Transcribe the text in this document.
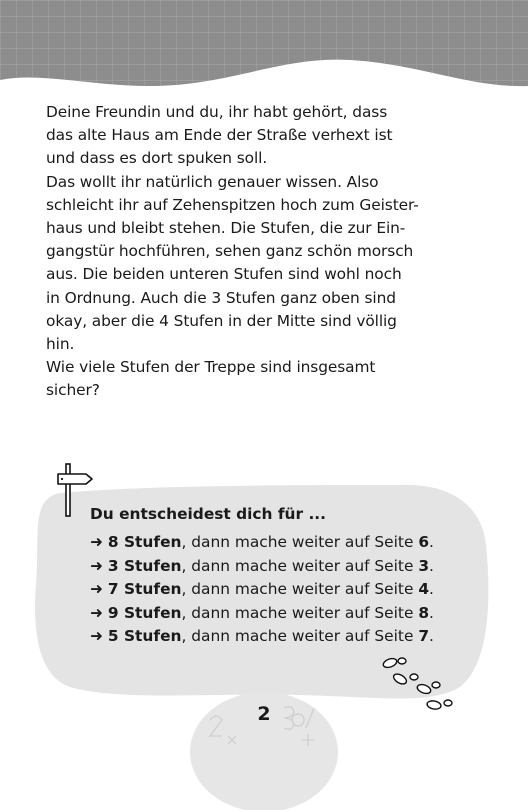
Deine Freundin und du, ihr habt gehört, dass
das alte Haus am Ende der Straße verhext ist
und dass es dort spuken soll.

Das wollt ihr natürlich genauer wissen. Also
schleicht ihr auf Zehenspitzen hoch zum Geister-
haus und bleibt stehen. Die Stufen, die zur Ein-
gangstür hochführen, sehen ganz schön morsch
aus. Die beiden unteren Stufen sind wohl noch
in Ordnung. Auch die 3 Stufen ganz oben sind
okay, aber die 4 Stufen in der Mitte sind völlig
hin.

Wie viele Stufen der Treppe sind insgesamt
sicher?

Du entscheidest dich für ...
➜ 8 Stufen, dann mache weiter auf Seite 6.
➜ 3 Stufen, dann mache weiter auf Seite 3.
➜ 7 Stufen, dann mache weiter auf Seite 4.
➜ 9 Stufen, dann mache weiter auf Seite 8.
➜ 5 Stufen, dann mache weiter auf Seite 7.
2
